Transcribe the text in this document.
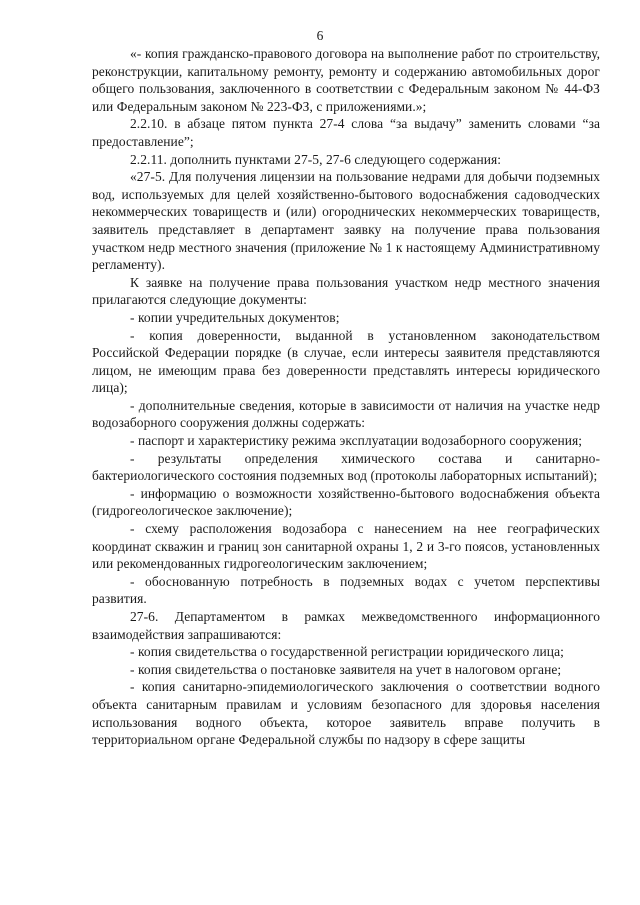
6

«- копия гражданско-правового договора на выполнение работ по строительству, реконструкции, капитальному ремонту, ремонту и содержанию автомобильных дорог общего пользования, заключенного в соответствии с Федеральным законом № 44-ФЗ или Федеральным законом № 223-ФЗ, с приложениями.»;

2.2.10. в абзаце пятом пункта 27-4 слова “за выдачу” заменить словами “за предоставление”;

2.2.11. дополнить пунктами 27-5, 27-6 следующего содержания:

«27-5. Для получения лицензии на пользование недрами для добычи подземных вод, используемых для целей хозяйственно-бытового водоснабжения садоводческих некоммерческих товариществ и (или) огороднических некоммерческих товариществ, заявитель представляет в департамент заявку на получение права пользования участком недр местного значения (приложение № 1 к настоящему Административному регламенту).

К заявке на получение права пользования участком недр местного значения прилагаются следующие документы:

- копии учредительных документов;

- копия доверенности, выданной в установленном законодательством Российской Федерации порядке (в случае, если интересы заявителя представляются лицом, не имеющим права без доверенности представлять интересы юридического лица);

- дополнительные сведения, которые в зависимости от наличия на участке недр водозаборного сооружения должны содержать:

- паспорт и характеристику режима эксплуатации водозаборного сооружения;

- результаты определения химического состава и санитарно-бактериологического состояния подземных вод (протоколы лабораторных испытаний);

- информацию о возможности хозяйственно-бытового водоснабжения объекта (гидрогеологическое заключение);

- схему расположения водозабора с нанесением на нее географических координат скважин и границ зон санитарной охраны 1, 2 и 3-го поясов, установленных или рекомендованных гидрогеологическим заключением;

- обоснованную потребность в подземных водах с учетом перспективы развития.

27-6. Департаментом в рамках межведомственного информационного взаимодействия запрашиваются:

- копия свидетельства о государственной регистрации юридического лица;

- копия свидетельства о постановке заявителя на учет в налоговом органе;

- копия санитарно-эпидемиологического заключения о соответствии водного объекта санитарным правилам и условиям безопасного для здоровья населения использования водного объекта, которое заявитель вправе получить в территориальном органе Федеральной службы по надзору в сфере защиты
